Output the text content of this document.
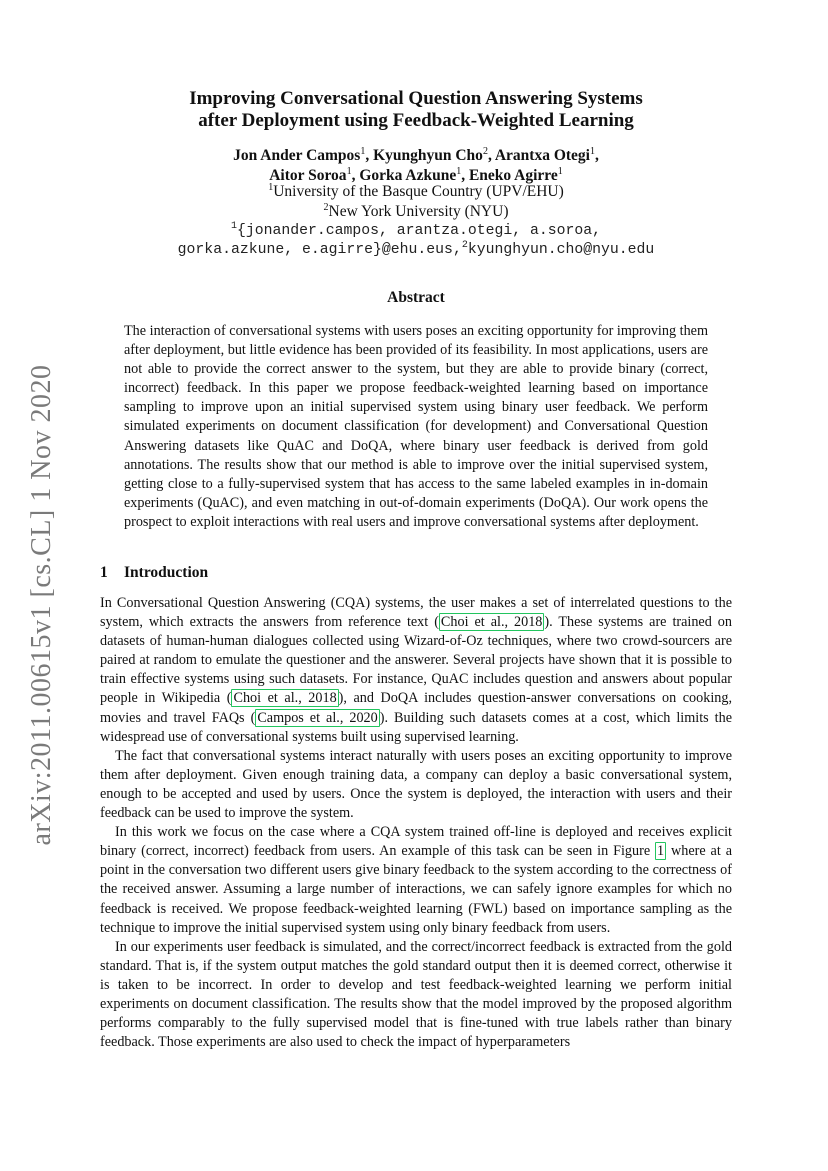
arXiv:2011.00615v1 [cs.CL] 1 Nov 2020
Improving Conversational Question Answering Systems
after Deployment using Feedback-Weighted Learning
Jon Ander Campos$^1$, Kyunghyun Cho$^2$, Arantxa Otegi$^1$,
Aitor Soroa$^1$, Gorka Azkune$^1$, Eneko Agirre$^1$
$^1$University of the Basque Country (UPV/EHU)
$^2$New York University (NYU)
$^1${jonander.campos, arantza.otegi, a.soroa,
gorka.azkune, e.agirre}@ehu.eus,$^2$kyunghyun.cho@nyu.edu
Abstract
The interaction of conversational systems with users poses an exciting opportunity for improving them after deployment, but little evidence has been provided of its feasibility. In most applications, users are not able to provide the correct answer to the system, but they are able to provide binary (correct, incorrect) feedback. In this paper we propose feedback-weighted learning based on importance sampling to improve upon an initial supervised system using binary user feedback. We perform simulated experiments on document classification (for development) and Conversational Question Answering datasets like QuAC and DoQA, where binary user feedback is derived from gold annotations. The results show that our method is able to improve over the initial supervised system, getting close to a fully-supervised system that has access to the same labeled examples in in-domain experiments (QuAC), and even matching in out-of-domain experiments (DoQA). Our work opens the prospect to exploit interactions with real users and improve conversational systems after deployment.
1 Introduction

In Conversational Question Answering (CQA) systems, the user makes a set of interrelated questions to the system, which extracts the answers from reference text ( Choi et al., 2018 ). These systems are trained on datasets of human-human dialogues collected using Wizard-of-Oz techniques, where two crowd-sourcers are paired at random to emulate the questioner and the answerer. Several projects have shown that it is possible to train effective systems using such datasets. For instance, QuAC includes question and answers about popular people in Wikipedia ( Choi et al., 2018 ), and DoQA includes question-answer conversations on cooking, movies and travel FAQs ( Campos et al., 2020 ). Building such datasets comes at a cost, which limits the widespread use of conversational systems built using supervised learning.

The fact that conversational systems interact naturally with users poses an exciting opportunity to improve them after deployment. Given enough training data, a company can deploy a basic conversational system, enough to be accepted and used by users. Once the system is deployed, the interaction with users and their feedback can be used to improve the system.

In this work we focus on the case where a CQA system trained off-line is deployed and receives explicit binary (correct, incorrect) feedback from users. An example of this task can be seen in Figure 1 where at a point in the conversation two different users give binary feedback to the system according to the correctness of the received answer. Assuming a large number of interactions, we can safely ignore examples for which no feedback is received. We propose feedback-weighted learning (FWL) based on importance sampling as the technique to improve the initial supervised system using only binary feedback from users.

In our experiments user feedback is simulated, and the correct/incorrect feedback is extracted from the gold standard. That is, if the system output matches the gold standard output then it is deemed correct, otherwise it is taken to be incorrect. In order to develop and test feedback-weighted learning we perform initial experiments on document classification. The results show that the model improved by the proposed algorithm performs comparably to the fully supervised model that is fine-tuned with true labels rather than binary feedback. Those experiments are also used to check the impact of hyperparameters
